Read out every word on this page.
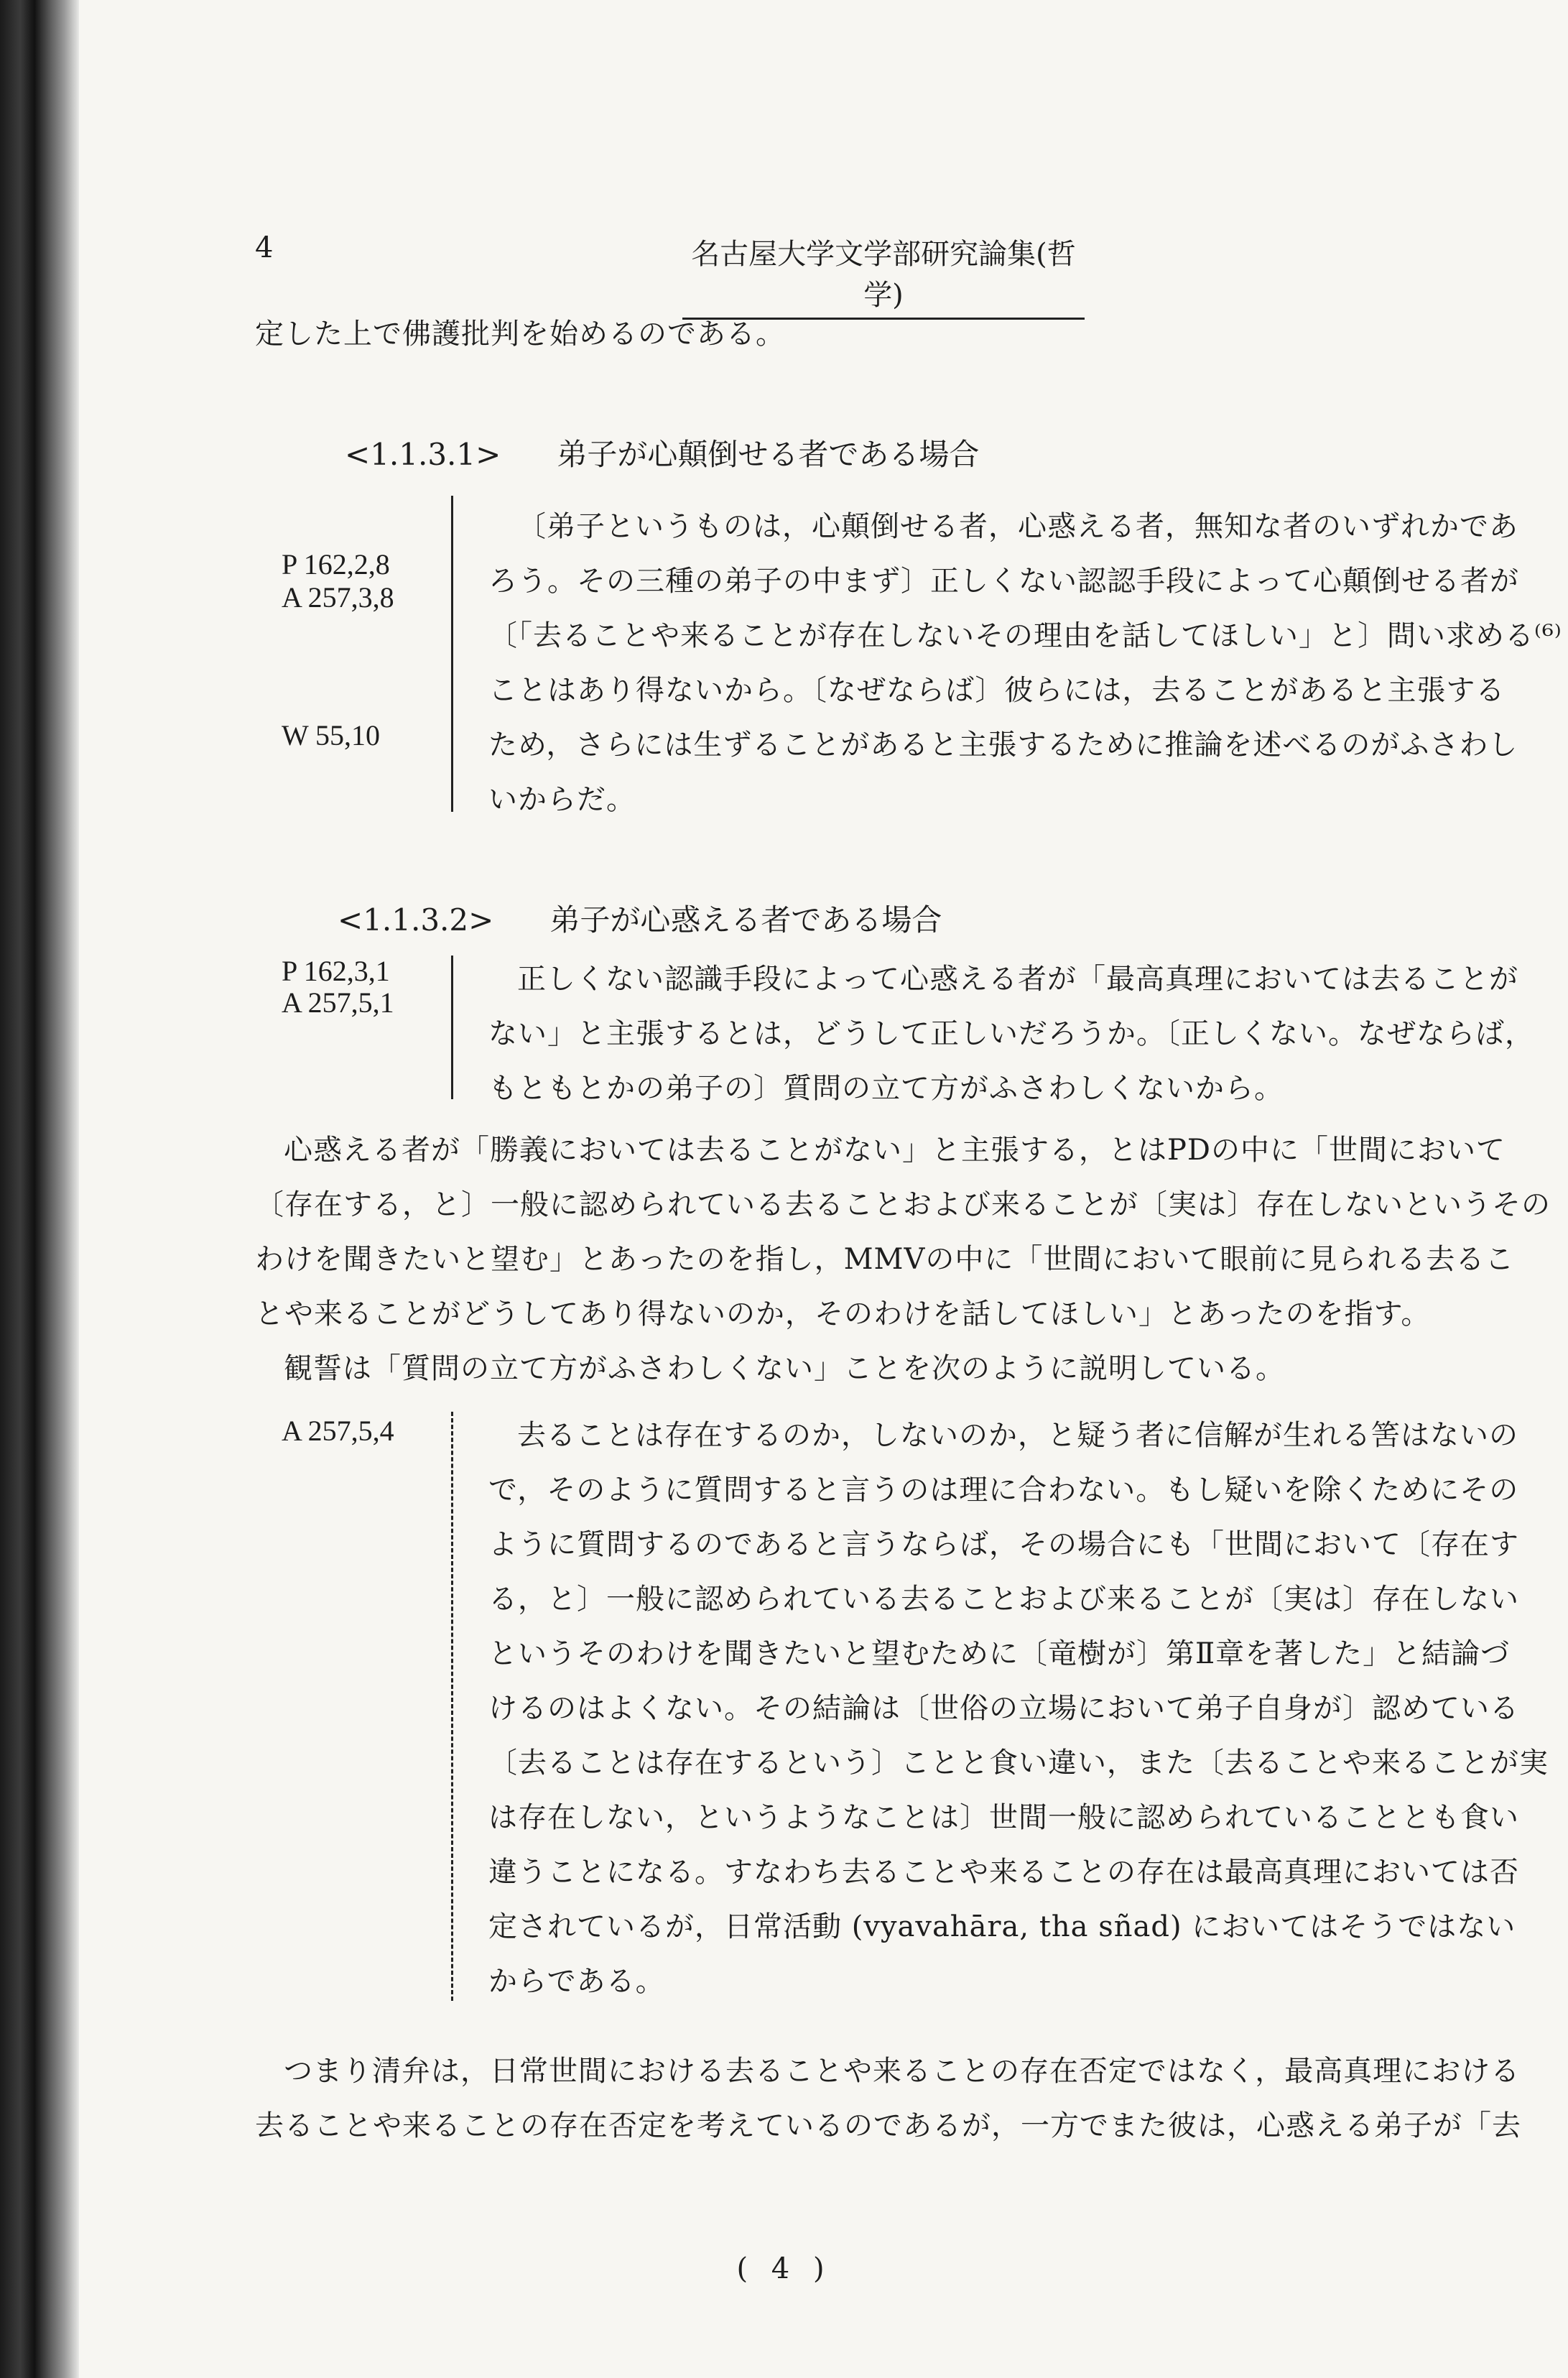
4	名古屋大学文学部研究論集(哲学)
定した上で佛護批判を始めるのである。
<1.1.3.1> 弟子が心顛倒せる者である場合
P 162,2,8
A 257,3,8
W 55,10
〔弟子というものは，心顛倒せる者，心惑える者，無知な者のいずれかであ
ろう。その三種の弟子の中まず〕正しくない認認手段によって心顛倒せる者が
〔「去ることや来ることが存在しないその理由を話してほしい」と〕問い求める⁽⁶⁾
ことはあり得ないから。〔なぜならば〕彼らには，去ることがあると主張する
ため，さらには生ずることがあると主張するために推論を述べるのがふさわし
いからだ。
<1.1.3.2> 弟子が心惑える者である場合
P 162,3,1
A 257,5,1
正しくない認識手段によって心惑える者が「最高真理においては去ることが
ない」と主張するとは，どうして正しいだろうか。〔正しくない。なぜならば，
もともとかの弟子の〕質問の立て方がふさわしくないから。
心惑える者が「勝義においては去ることがない」と主張する，とはPDの中に「世間において
〔存在する，と〕一般に認められている去ることおよび来ることが〔実は〕存在しないというその
わけを聞きたいと望む」とあったのを指し，MMVの中に「世間において眼前に見られる去るこ
とや来ることがどうしてあり得ないのか，そのわけを話してほしい」とあったのを指す。
観誓は「質問の立て方がふさわしくない」ことを次のように説明している。
A 257,5,4	去ることは存在するのか，しないのか，と疑う者に信解が生れる筈はないの
で，そのように質問すると言うのは理に合わない。もし疑いを除くためにその
ように質問するのであると言うならば，その場合にも「世間において〔存在す
る，と〕一般に認められている去ることおよび来ることが〔実は〕存在しない
というそのわけを聞きたいと望むために〔竜樹が〕第Ⅱ章を著した」と結論づ
けるのはよくない。その結論は〔世俗の立場において弟子自身が〕認めている
〔去ることは存在するという〕ことと食い違い，また〔去ることや来ることが実
は存在しない，というようなことは〕世間一般に認められていることとも食い
違うことになる。すなわち去ることや来ることの存在は最高真理においては否
定されているが，日常活動 (vyavahāra, tha sñad) においてはそうではない
からである。
つまり清弁は，日常世間における去ることや来ることの存在否定ではなく，最高真理における
去ることや来ることの存在否定を考えているのであるが，一方でまた彼は，心惑える弟子が「去
( 4 )
